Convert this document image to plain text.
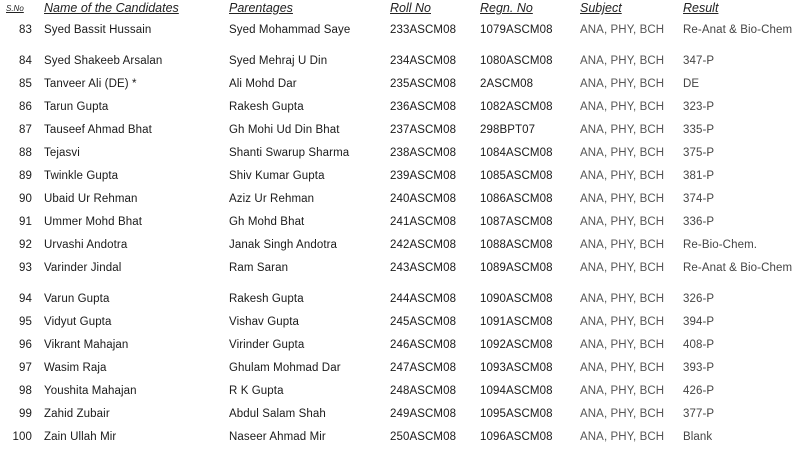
S.No Name of the Candidates	Parentages	Roll No	Regn. No	Subject	Result
83 Syed Bassit Hussain	Syed Mohammad Saye	233ASCM08	1079ASCM08	ANA, PHY, BCH	Re-Anat & Bio-Chem
84 Syed Shakeeb Arsalan	Syed Mehraj U Din	234ASCM08	1080ASCM08	ANA, PHY, BCH	347-P
85 Tanveer Ali (DE) *	Ali Mohd Dar	235ASCM08	2ASCM08	ANA, PHY, BCH	DE
86 Tarun Gupta	Rakesh Gupta	236ASCM08	1082ASCM08	ANA, PHY, BCH	323-P
87 Tauseef Ahmad Bhat	Gh Mohi Ud Din Bhat	237ASCM08	298BPT07	ANA, PHY, BCH	335-P
88 Tejasvi	Shanti Swarup Sharma	238ASCM08	1084ASCM08	ANA, PHY, BCH	375-P
89 Twinkle Gupta	Shiv Kumar Gupta	239ASCM08	1085ASCM08	ANA, PHY, BCH	381-P
90 Ubaid Ur Rehman	Aziz Ur Rehman	240ASCM08	1086ASCM08	ANA, PHY, BCH	374-P
91 Ummer Mohd Bhat	Gh Mohd Bhat	241ASCM08	1087ASCM08	ANA, PHY, BCH	336-P
92 Urvashi Andotra	Janak Singh Andotra	242ASCM08	1088ASCM08	ANA, PHY, BCH	Re-Bio-Chem.
93 Varinder Jindal	Ram Saran	243ASCM08	1089ASCM08	ANA, PHY, BCH	Re-Anat & Bio-Chem
94 Varun Gupta	Rakesh Gupta	244ASCM08	1090ASCM08	ANA, PHY, BCH	326-P
95 Vidyut Gupta	Vishav Gupta	245ASCM08	1091ASCM08	ANA, PHY, BCH	394-P
96 Vikrant Mahajan	Virinder Gupta	246ASCM08	1092ASCM08	ANA, PHY, BCH	408-P
97 Wasim Raja	Ghulam Mohmad Dar	247ASCM08	1093ASCM08	ANA, PHY, BCH	393-P
98 Youshita Mahajan	R K Gupta	248ASCM08	1094ASCM08	ANA, PHY, BCH	426-P
99 Zahid Zubair	Abdul Salam Shah	249ASCM08	1095ASCM08	ANA, PHY, BCH	377-P
100 Zain Ullah Mir	Naseer Ahmad Mir	250ASCM08	1096ASCM08	ANA, PHY, BCH	Blank
